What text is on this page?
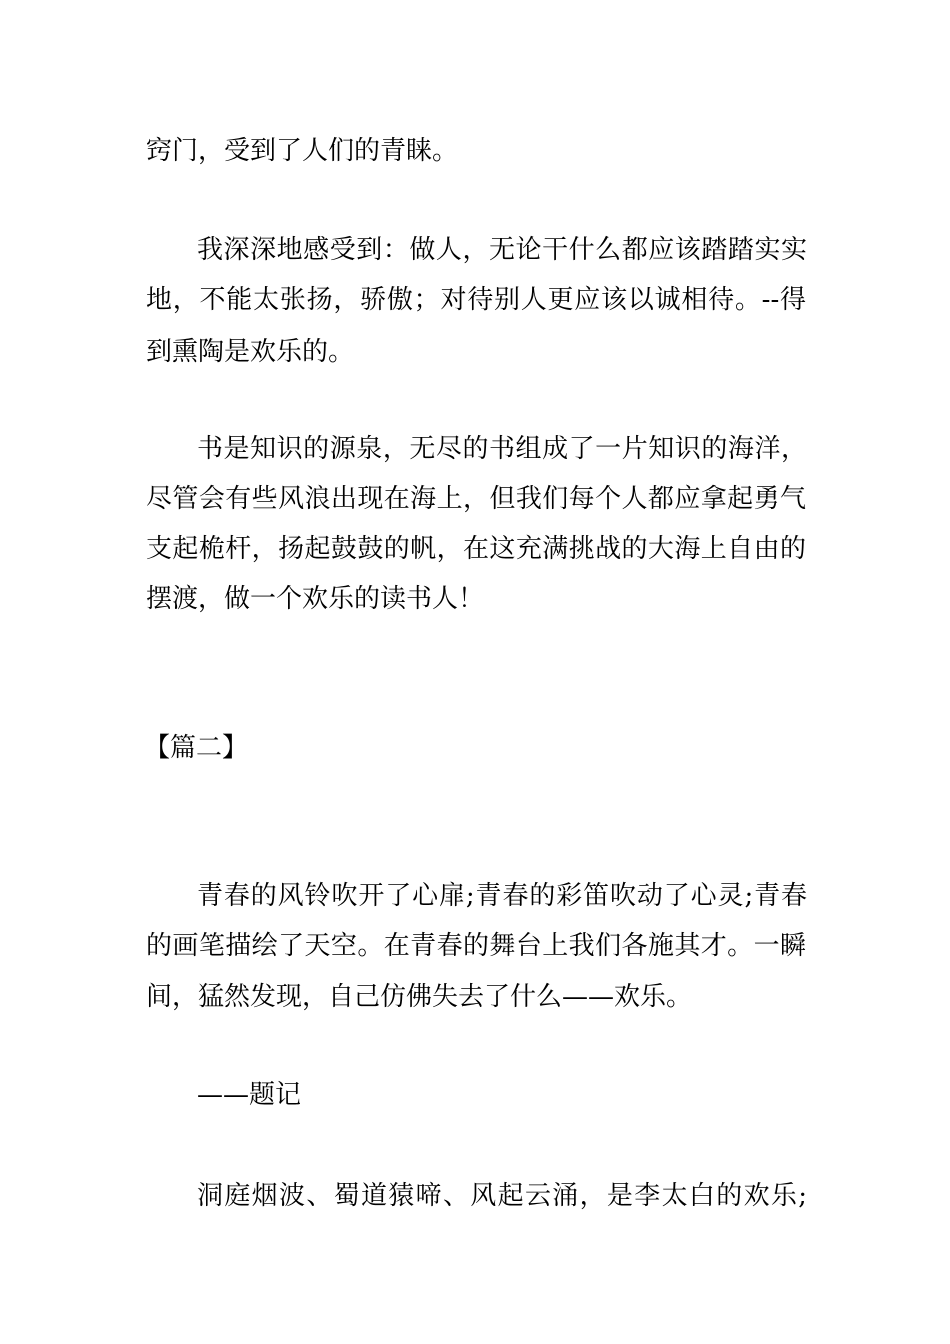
窍门，受到了人们的青睐。
我深深地感受到：做人，无论干什么都应该踏踏实实
地，不能太张扬，骄傲；对待别人更应该以诚相待。--得
到熏陶是欢乐的。
书是知识的源泉，无尽的书组成了一片知识的海洋，
尽管会有些风浪出现在海上，但我们每个人都应拿起勇气
支起桅杆，扬起鼓鼓的帆，在这充满挑战的大海上自由的
摆渡，做一个欢乐的读书人！
【篇二】
青春的风铃吹开了心扉;青春的彩笛吹动了心灵;青春
的画笔描绘了天空。在青春的舞台上我们各施其才。一瞬
间，猛然发现，自己仿佛失去了什么——欢乐。
——题记
洞庭烟波、蜀道猿啼、风起云涌，是李太白的欢乐;
